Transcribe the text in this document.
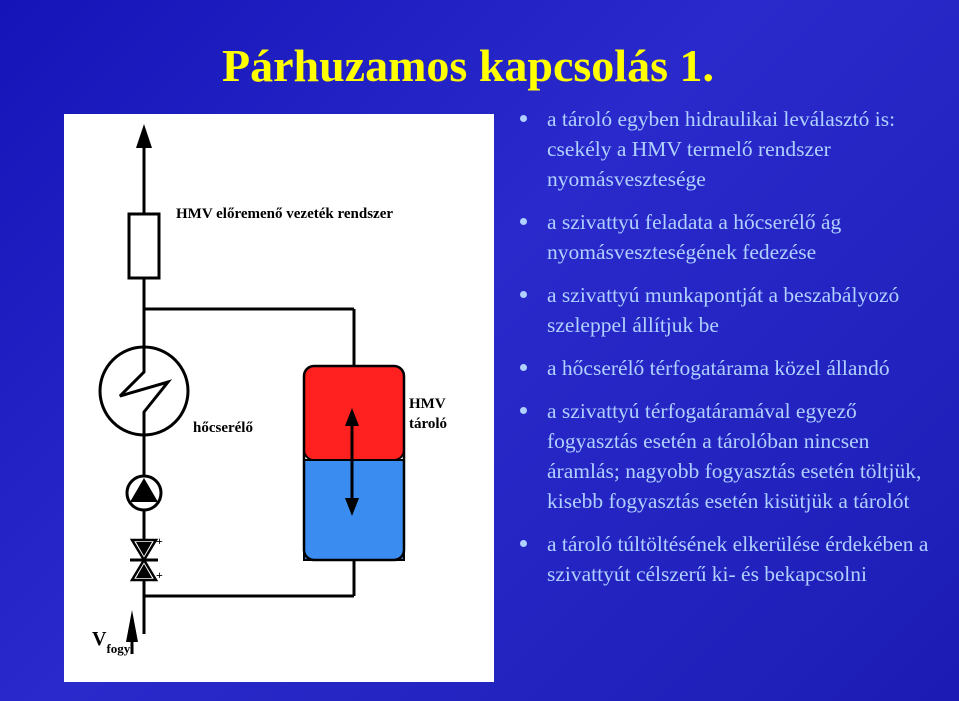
Párhuzamos kapcsolás 1.
HMV előremenő vezeték rendszer
hőcserélő
HMV
tároló
+
+
$V_{fogy}$
a tároló egyben hidraulikai leválasztó is: csekély a HMV termelő rendszer nyomásvesztesége
a szivattyú feladata a hőcserélő ág nyomásveszteségének fedezése
a szivattyú munkapontját a beszabályozó szeleppel állítjuk be
a hőcserélő térfogatárama közel állandó
a szivattyú térfogatáramával egyező fogyasztás esetén a tárolóban nincsen áramlás; nagyobb fogyasztás esetén töltjük, kisebb fogyasztás esetén kisütjük a tárolót
a tároló túltöltésének elkerülése érdekében a szivattyút célszerű ki- és bekapcsolni
